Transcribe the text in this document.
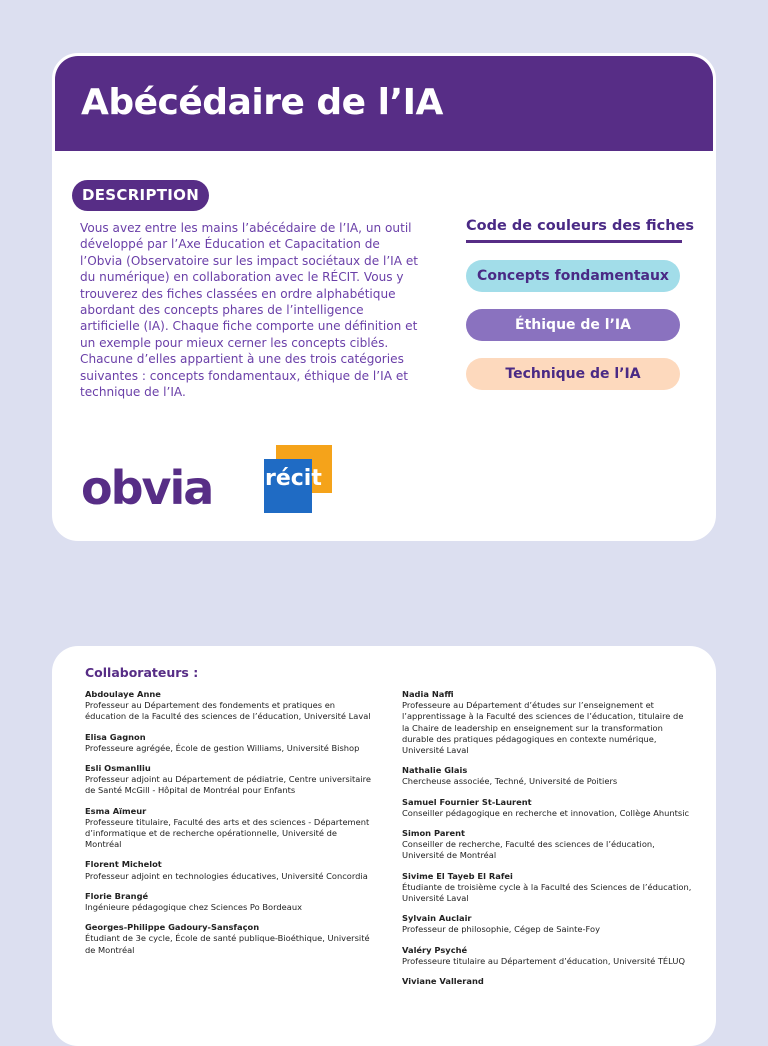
Abécédaire de l’IA
DESCRIPTION

Vous avez entre les mains l’abécédaire de l’IA, un outil développé par l’Axe Éducation et Capacitation de l’Obvia (Observatoire sur les impact sociétaux de l’IA et du numérique) en collaboration avec le RÉCIT. Vous y trouverez des fiches classées en ordre alphabétique abordant des concepts phares de l’intelligence artificielle (IA). Chaque fiche comporte une définition et un exemple pour mieux cerner les concepts ciblés. Chacune d’elles appartient à une des trois catégories suivantes : concepts fondamentaux, éthique de l’IA et technique de l’IA.

Code de couleurs des fiches
Concepts fondamentaux
Éthique de l’IA
Technique de l’IA
obvia récit
Collaborateurs :
Abdoulaye Anne
Professeur au Département des fondements et pratiques en éducation de la Faculté des sciences de l’éducation, Université Laval
Elisa Gagnon
Professeure agrégée, École de gestion Williams, Université Bishop
Esli Osmanlliu
Professeur adjoint au Département de pédiatrie, Centre universitaire de Santé McGill - Hôpital de Montréal pour Enfants
Esma Aïmeur
Professeure titulaire, Faculté des arts et des sciences - Département d’informatique et de recherche opérationnelle, Université de Montréal
Florent Michelot
Professeur adjoint en technologies éducatives, Université Concordia
Florie Brangé
Ingénieure pédagogique chez Sciences Po Bordeaux
Georges-Philippe Gadoury-Sansfaçon
Étudiant de 3e cycle, École de santé publique-Bioéthique, Université de Montréal
Nadia Naffi
Professeure au Département d’études sur l’enseignement et l’apprentissage à la Faculté des sciences de l’éducation, titulaire de la Chaire de leadership en enseignement sur la transformation durable des pratiques pédagogiques en contexte numérique, Université Laval
Nathalie Glais
Chercheuse associée, Techné, Université de Poitiers
Samuel Fournier St-Laurent
Conseiller pédagogique en recherche et innovation, Collège Ahuntsic
Simon Parent
Conseiller de recherche, Faculté des sciences de l’éducation, Université de Montréal
Sivime El Tayeb El Rafei
Étudiante de troisième cycle à la Faculté des Sciences de l’éducation, Université Laval
Sylvain Auclair
Professeur de philosophie, Cégep de Sainte-Foy
Valéry Psyché
Professeure titulaire au Département d’éducation, Université TÉLUQ
Viviane Vallerand
